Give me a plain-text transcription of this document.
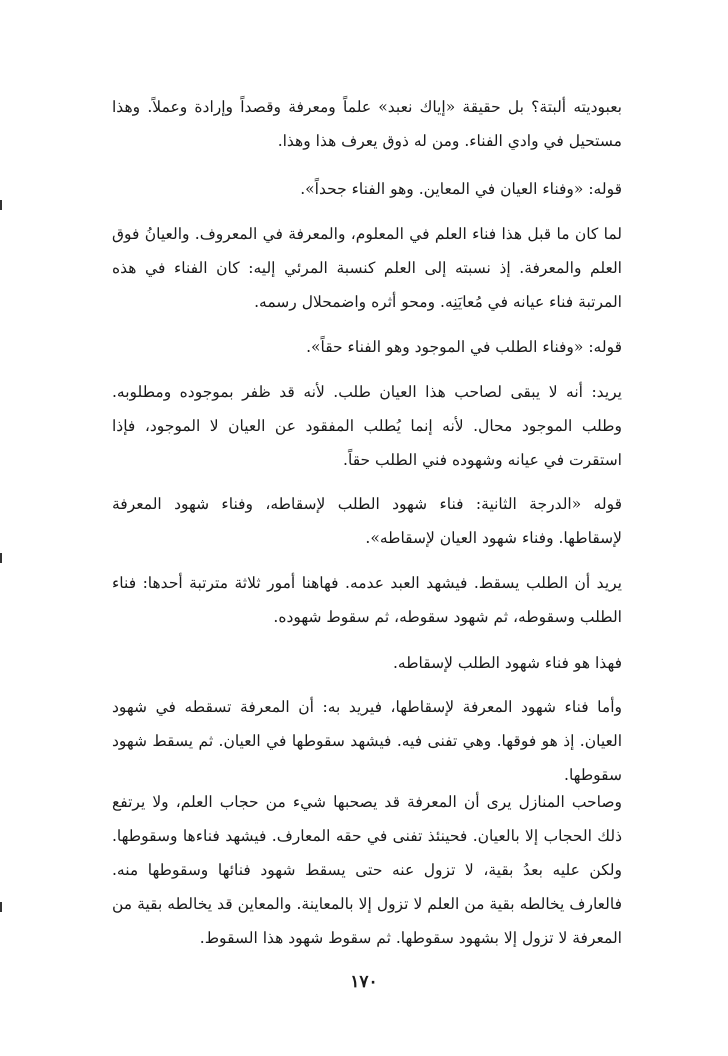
بعبوديته ألبتة؟ بل حقيقة «إياك نعبد» علماً ومعرفة وقصداً وإرادة وعملاً. وهذا مستحيل في وادي الفناء. ومن له ذوق يعرف هذا وهذا.

قوله: «وفناء العيان في المعاين. وهو الفناء جحداً».

لما كان ما قبل هذا فناء العلم في المعلوم، والمعرفة في المعروف. والعيانُ فوق العلم والمعرفة. إذ نسبته إلى العلم كنسبة المرئي إليه: كان الفناء في هذه المرتبة فناء عيانه في مُعايَنِه. ومحو أثره واضمحلال رسمه.

قوله: «وفناء الطلب في الموجود وهو الفناء حقاً».

يريد: أنه لا يبقى لصاحب هذا العيان طلب. لأنه قد ظفر بموجوده ومطلوبه. وطلب الموجود محال. لأنه إنما يُطلب المفقود عن العيان لا الموجود، فإذا استقرت في عيانه وشهوده فني الطلب حقاً.

قوله «الدرجة الثانية: فناء شهود الطلب لإسقاطه، وفناء شهود المعرفة لإسقاطها. وفناء شهود العيان لإسقاطه».

يريد أن الطلب يسقط. فيشهد العبد عدمه. فهاهنا أمور ثلاثة مترتبة أحدها: فناء الطلب وسقوطه، ثم شهود سقوطه، ثم سقوط شهوده.

فهذا هو فناء شهود الطلب لإسقاطه.

وأما فناء شهود المعرفة لإسقاطها، فيريد به: أن المعرفة تسقطه في شهود العيان. إذ هو فوقها. وهي تفنى فيه. فيشهد سقوطها في العيان. ثم يسقط شهود سقوطها.

وصاحب المنازل يرى أن المعرفة قد يصحبها شيء من حجاب العلم، ولا يرتفع ذلك الحجاب إلا بالعيان. فحينئذ تفنى في حقه المعارف. فيشهد فناءها وسقوطها. ولكن عليه بعدُ بقية، لا تزول عنه حتى يسقط شهود فنائها وسقوطها منه. فالعارف يخالطه بقية من العلم لا تزول إلا بالمعاينة. والمعاين قد يخالطه بقية من المعرفة لا تزول إلا بشهود سقوطها. ثم سقوط شهود هذا السقوط.

١٧٠
